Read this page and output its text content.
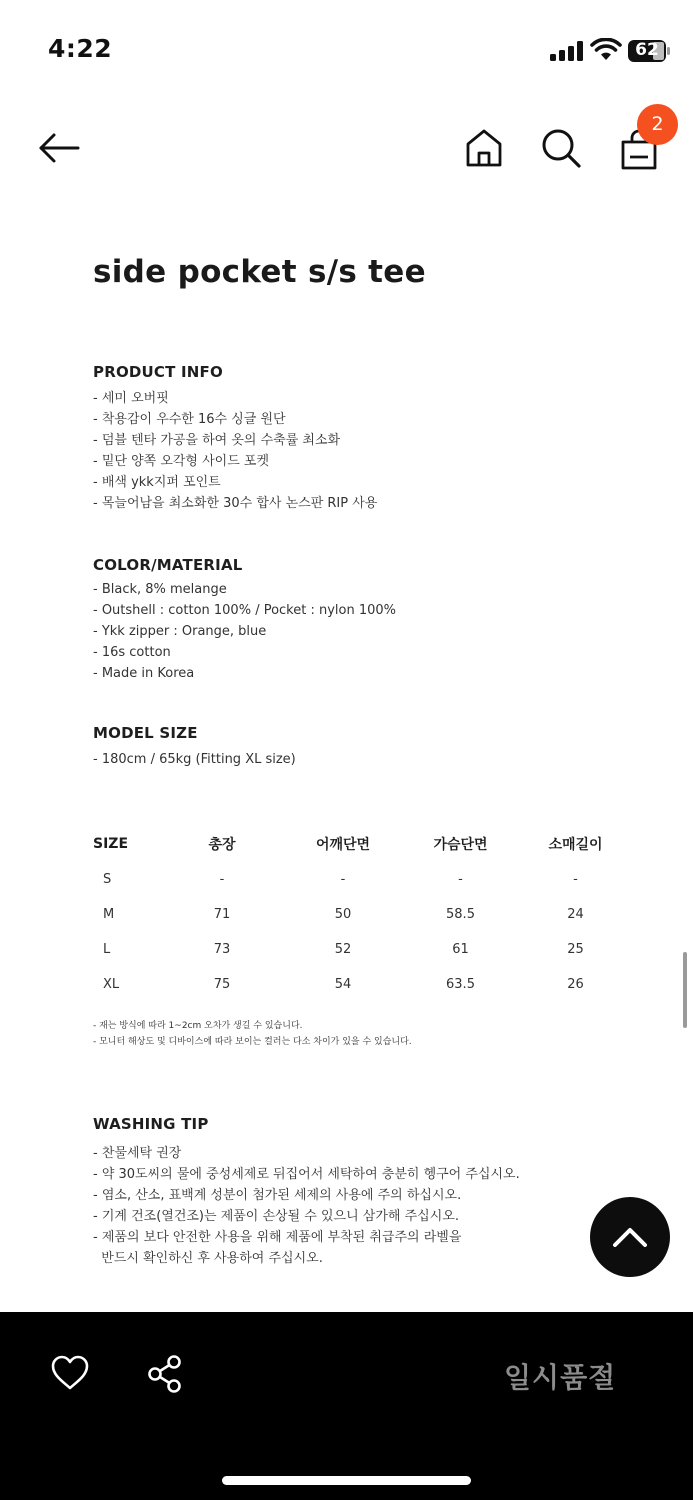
4:22	62
2
side pocket s/s tee
PRODUCT INFO
- 세미 오버핏
- 착용감이 우수한 16수 싱글 원단
- 덤블 텐타 가공을 하여 옷의 수축률 최소화
- 밑단 양쪽 오각형 사이드 포켓
- 배색 ykk지퍼 포인트
- 목늘어남을 최소화한 30수 합사 논스판 RIP 사용
COLOR/MATERIAL
- Black, 8% melange
- Outshell : cotton 100% / Pocket : nylon 100%
- Ykk zipper : Orange, blue
- 16s cotton
- Made in Korea
MODEL SIZE
- 180cm / 65kg (Fitting XL size)
SIZE	총장	어깨단면	가슴단면	소매길이
S	-	-	-	-
M	71	50	58.5	24
L	73	52	61	25
XL	75	54	63.5	26
- 재는 방식에 따라 1~2cm 오차가 생길 수 있습니다.
- 모니터 해상도 및 디바이스에 따라 보이는 컬러는 다소 차이가 있을 수 있습니다.
WASHING TIP
- 찬물세탁 권장
- 약 30도씨의 물에 중성세제로 뒤집어서 세탁하여 충분히 헹구어 주십시오.
- 염소, 산소, 표백계 성분이 첨가된 세제의 사용에 주의 하십시오.
- 기계 건조(열건조)는 제품이 손상될 수 있으니 삼가해 주십시오.
- 제품의 보다 안전한 사용을 위해 제품에 부착된 취급주의 라벨을
반드시 확인하신 후 사용하여 주십시오.
일시품절
